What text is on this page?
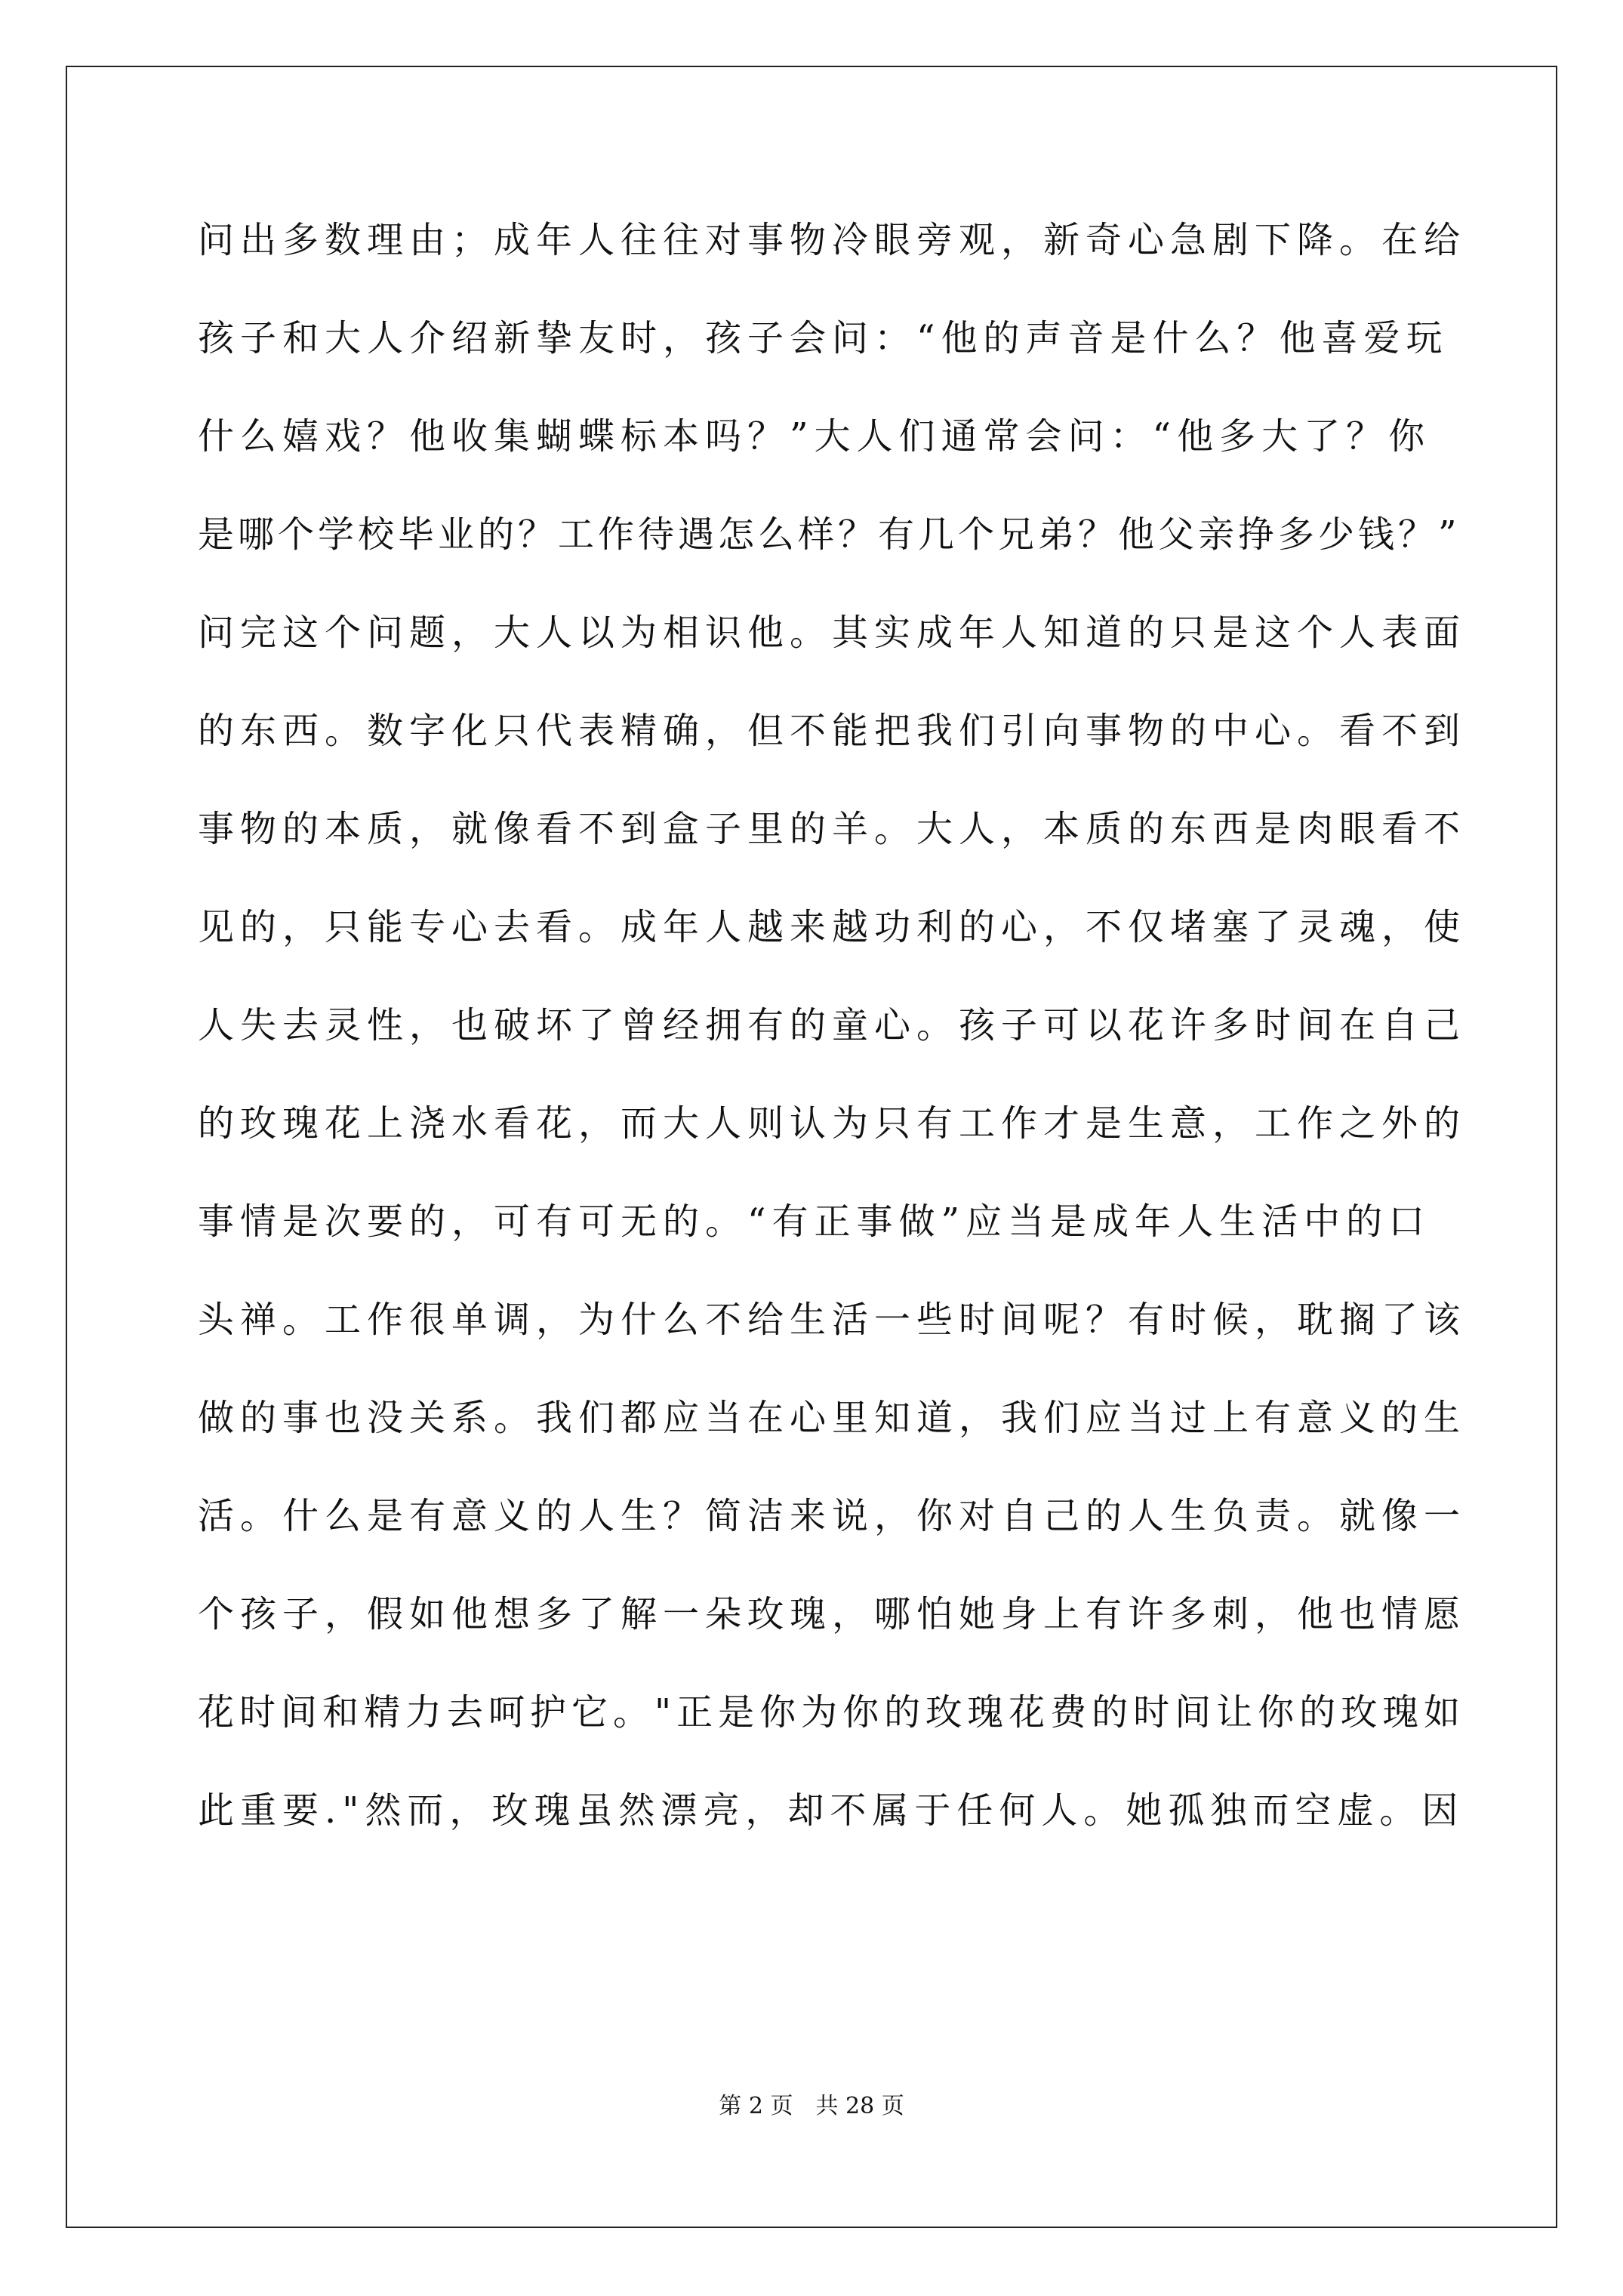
问出多数理由；成年人往往对事物冷眼旁观，新奇心急剧下降。在给
孩子和大人介绍新挚友时，孩子会问：“他的声音是什么？他喜爱玩
什么嬉戏？他收集蝴蝶标本吗？”大人们通常会问：“他多大了？你
是哪个学校毕业的？工作待遇怎么样？有几个兄弟？他父亲挣多少钱？”
问完这个问题，大人以为相识他。其实成年人知道的只是这个人表面
的东西。数字化只代表精确，但不能把我们引向事物的中心。看不到
事物的本质，就像看不到盒子里的羊。大人，本质的东西是肉眼看不
见的，只能专心去看。成年人越来越功利的心，不仅堵塞了灵魂，使
人失去灵性，也破坏了曾经拥有的童心。孩子可以花许多时间在自己
的玫瑰花上浇水看花，而大人则认为只有工作才是生意，工作之外的
事情是次要的，可有可无的。“有正事做”应当是成年人生活中的口
头禅。工作很单调，为什么不给生活一些时间呢？有时候，耽搁了该
做的事也没关系。我们都应当在心里知道，我们应当过上有意义的生
活。什么是有意义的人生？简洁来说，你对自己的人生负责。就像一
个孩子，假如他想多了解一朵玫瑰，哪怕她身上有许多刺，他也情愿
花时间和精力去呵护它。"正是你为你的玫瑰花费的时间让你的玫瑰如
此重要."然而，玫瑰虽然漂亮，却不属于任何人。她孤独而空虚。因
第 2 页　共 28 页
